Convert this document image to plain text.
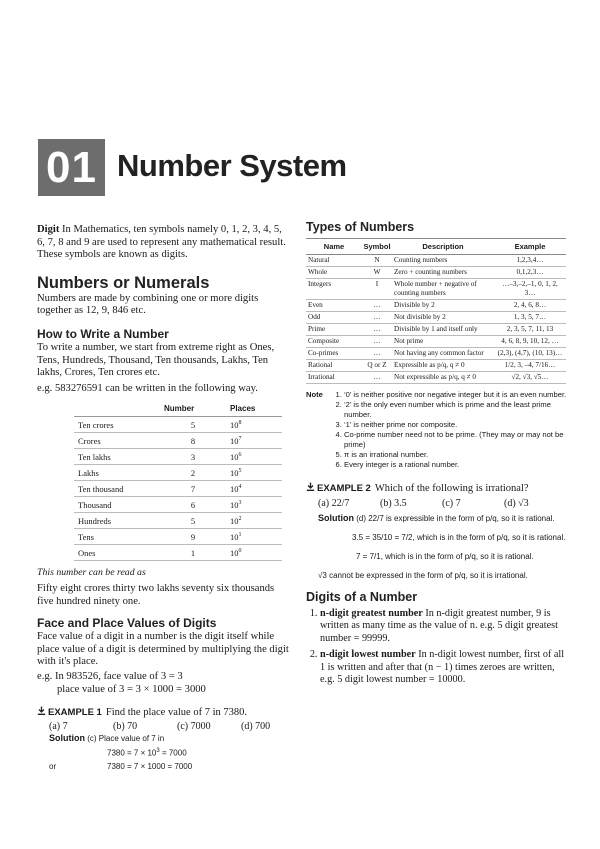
01 Number System

Digit In Mathematics, ten symbols namely 0, 1, 2, 3, 4, 5, 6, 7, 8 and 9 are used to represent any mathematical result. These symbols are known as digits.

Numbers or Numerals

Numbers are made by combining one or more digits together as 12, 9, 846 etc.

How to Write a Number

To write a number, we start from extreme right as Ones, Tens, Hundreds, Thousand, Ten thousands, Lakhs, Ten lakhs, Crores, Ten crores etc.

e.g. 583276591 can be written in the following way.

	Number	Places
Ten crores	5	$10^8$
Crores	8	$10^7$
Ten lakhs	3	$10^6$
Lakhs	2	$10^5$
Ten thousand	7	$10^4$
Thousand	6	$10^3$
Hundreds	5	$10^2$
Tens	9	$10^1$
Ones	1	$10^0$

This number can be read as

Fifty eight crores thirty two lakhs seventy six thousands five hundred ninety one.

Face and Place Values of Digits

Face value of a digit in a number is the digit itself while place value of a digit is determined by multiplying the digit with it's place.

e.g. In 983526, face value of 3 = 3

place value of 3 = 3 × 1000 = 3000

EXAMPLE 1 Find the place value of 7 in 7380.
(a) 7	(b) 70	(c) 7000	(d) 700
Solution (c) Place value of 7 in
$7380 = 7 \times 10^3 = 7000$
or	7380 = 7 × 1000 = 7000
Types of Numbers
Name	Symbol	Description	Example
Natural	N	Counting numbers	1,2,3,4…
Whole	W	Zero + counting numbers	0,1,2,3…
Integers	I	Whole number + negative of counting numbers	…–3,–2,–1, 0, 1, 2, 3…
Even	…	Divisible by 2	2, 4, 6, 8…
Odd	…	Not divisible by 2	1, 3, 5, 7…
Prime	…	Divisible by 1 and itself only	2, 3, 5, 7, 11, 13
Composite	…	Not prime	4, 6, 8, 9, 10, 12, …
Co-primes	…	Not having any common factor	(2,3), (4,7), (10, 13)…
Rational	Q or Z	Expressible as p/q, q ≠ 0	1/2, 3, –4, 7/16…
Irrational	…	Not expressible as p/q, q ≠ 0	√2, √3, √5…
Note	1. ‘0’ is neither positive nor negative integer but it is an even number.
2. ‘2’ is the only even number which is prime and the least prime number.
3. ‘1’ is neither prime nor composite.
4. Co-prime number need not to be prime. (They may or may not be prime)
5. π is an irrational number.
6. Every integer is a rational number.
EXAMPLE 2 Which of the following is irrational?
(a) 22/7	(b) 3.5	(c) 7	(d) √3
Solution (d) 22/7 is expressible in the form of p/q, so it is rational.
3.5 = 35/10 = 7/2, which is in the form of p/q, so it is rational.
7 = 7/1, which is in the form of p/q, so it is rational.
√3 cannot be expressed in the form of p/q, so it is irrational.
Digits of a Number
1. n-digit greatest number In n-digit greatest number, 9 is written as many time as the value of n. e.g. 5 digit greatest number = 99999.
2. n-digit lowest number In n-digit lowest number, first of all 1 is written and after that (n − 1) times zeroes are written, e.g. 5 digit lowest number = 10000.
